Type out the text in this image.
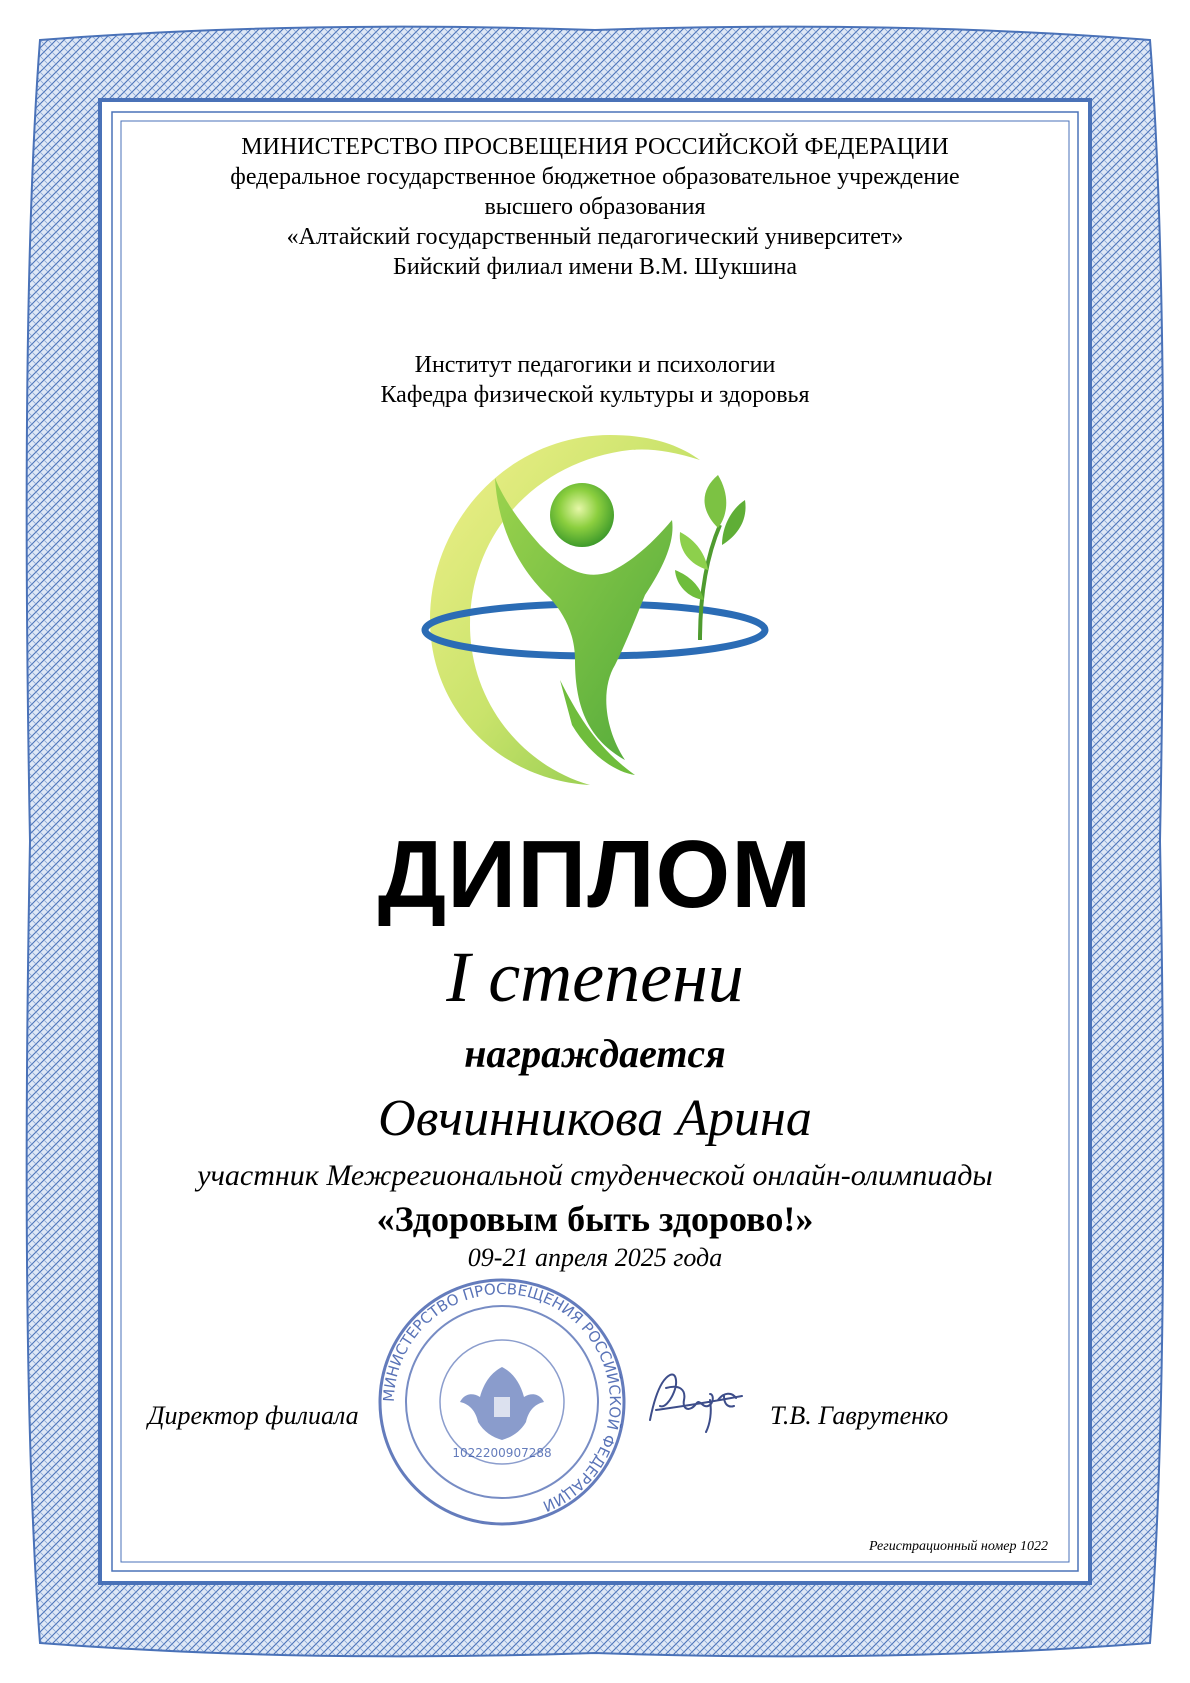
МИНИСТЕРСТВО ПРОСВЕЩЕНИЯ РОССИЙСКОЙ ФЕДЕРАЦИИ
федеральное государственное бюджетное образовательное учреждение
высшего образования
«Алтайский государственный педагогический университет»
Бийский филиал имени В.М. Шукшина
Институт педагогики и психологии
Кафедра физической культуры и здоровья
ДИПЛОМ
I степени
награждается
Овчинникова Арина
участник Межрегиональной студенческой онлайн-олимпиады
«Здоровым быть здорово!»
09-21 апреля 2025 года
МИНИСТЕРСТВО ПРОСВЕЩЕНИЯ РОССИЙСКОЙ ФЕДЕРАЦИИ
1022200907288
Директор филиала	Т.В. Гаврутенко
Регистрационный номер 1022
